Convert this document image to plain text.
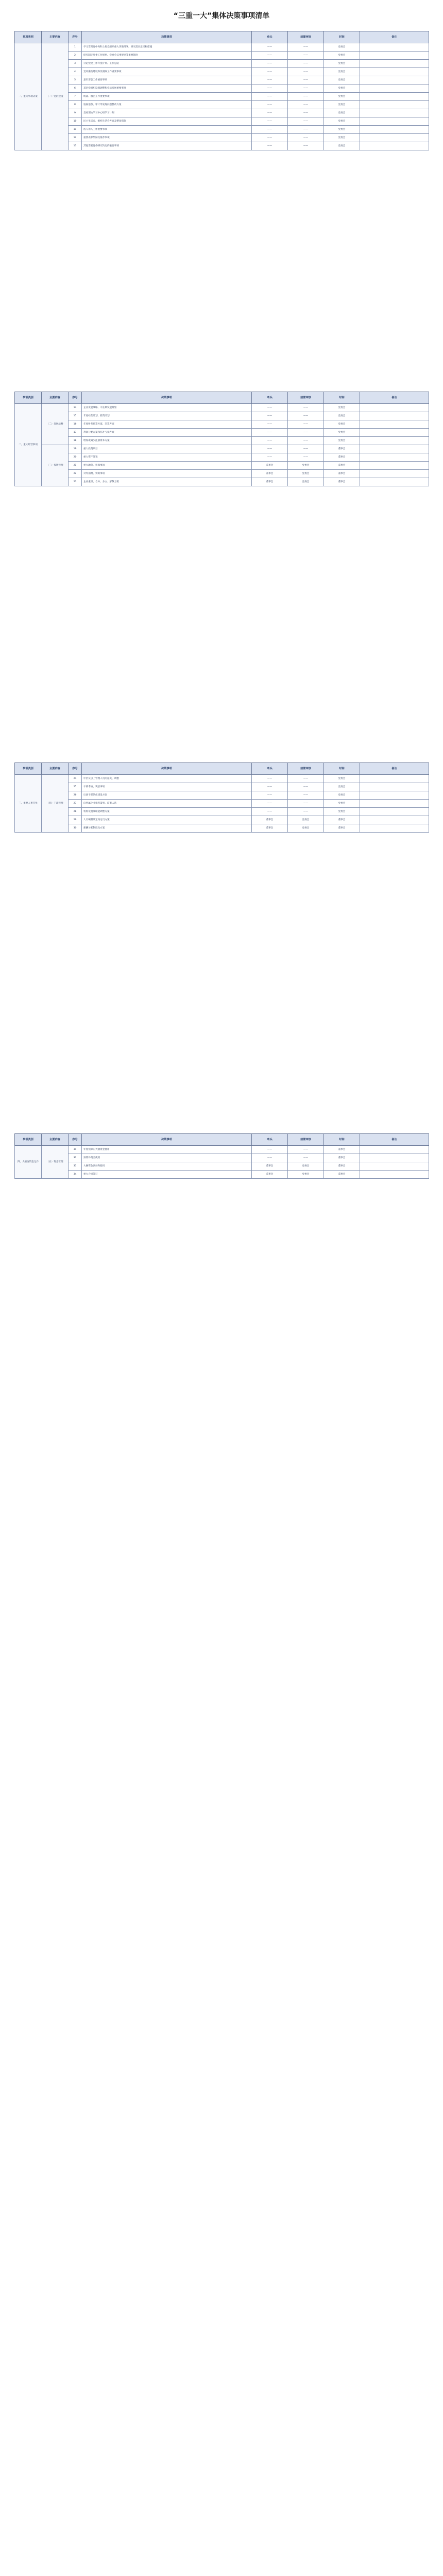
“三重一大”集体决策事项清单
事项类别	主要内容	序号	决策事项	牵头	前置审核	时间	备注
一、重大事项决策	（一）党的建设	1	学习贯彻党中央和上级党组织重大决策部署，研究落实意见和措施	——	——	党委会	
		2	研究制定党委工作规则、党委会议事规则等重要制度	——	——	党委会	
		3	讨论党建工作年度计划、工作总结	——	——	党委会	
		4	党风廉政建设和反腐败工作重要事项	——	——	党委会	
		5	意识形态工作重要事项	——	——	党委会	
		6	基层党组织设置调整和党员发展重要事项	——	——	党委会	
		7	统战、群团工作重要事项	——	——	党委会	
		8	巡视巡察、审计等发现问题整改方案	——	——	党委会	
		9	党委理论学习中心组学习计划	——	——	党委会	
		10	民主生活会、组织生活会方案及整改措施	——	——	党委会	
		11	选人用人工作重要事项	——	——	党委会	
		12	重要表彰奖励及推荐事项	——	——	党委会	
		13	其他需要党委研究决定的重要事项	——	——	党委会	
事项类别	主要内容	序号	决策事项	牵头	前置审核	时间	备注
二、重大经营事项	（二）发展战略	14	企业发展战略、中长期发展规划	——	——	党委会	
		15	年度经营计划、投资计划	——	——	党委会	
		16	年度财务预算方案、决算方案	——	——	党委会	
		17	利润分配方案和弥补亏损方案	——	——	党委会	
		18	增加或减少注册资本方案	——	——	党委会	
	（三）投资管理	19	重大投资项目	——	——	董事会	
		20	重大资产处置	——	——	董事会	
		21	重大融资、担保事项	董事会	党委会	董事会	
		22	对外捐赠、赞助事项	董事会	党委会	董事会	
		23	企业重组、合并、分立、解散方案	董事会	党委会	董事会	
事项类别	主要内容	序号	决策事项	牵头	前置审核	时间	备注
三、重要人事任免	（四）干部管理	24	中层及以上管理人员的任免、调整	——	——	党委会	
		25	干部考核、奖惩事项	——	——	党委会	
		26	后备干部队伍建设方案	——	——	党委会	
		27	向所属企业推荐董事、监事人选	——	——	党委会	
		28	机构设置及职能调整方案	——	——	党委会	
		29	人员编制及定岗定员方案	董事会	党委会	董事会	
		30	薪酬分配制度及方案	董事会	党委会	董事会	
事项类别	主要内容	序号	决策事项	牵头	前置审核	时间	备注
四、大额度资金运作	（五）资金管理	31	年度预算内大额资金使用	——	——	董事会	
		32	预算外资金使用	——	——	董事会	
		33	大额资金调动和使用	董事会	党委会	董事会	
		34	重大合同签订	董事会	党委会	董事会	
